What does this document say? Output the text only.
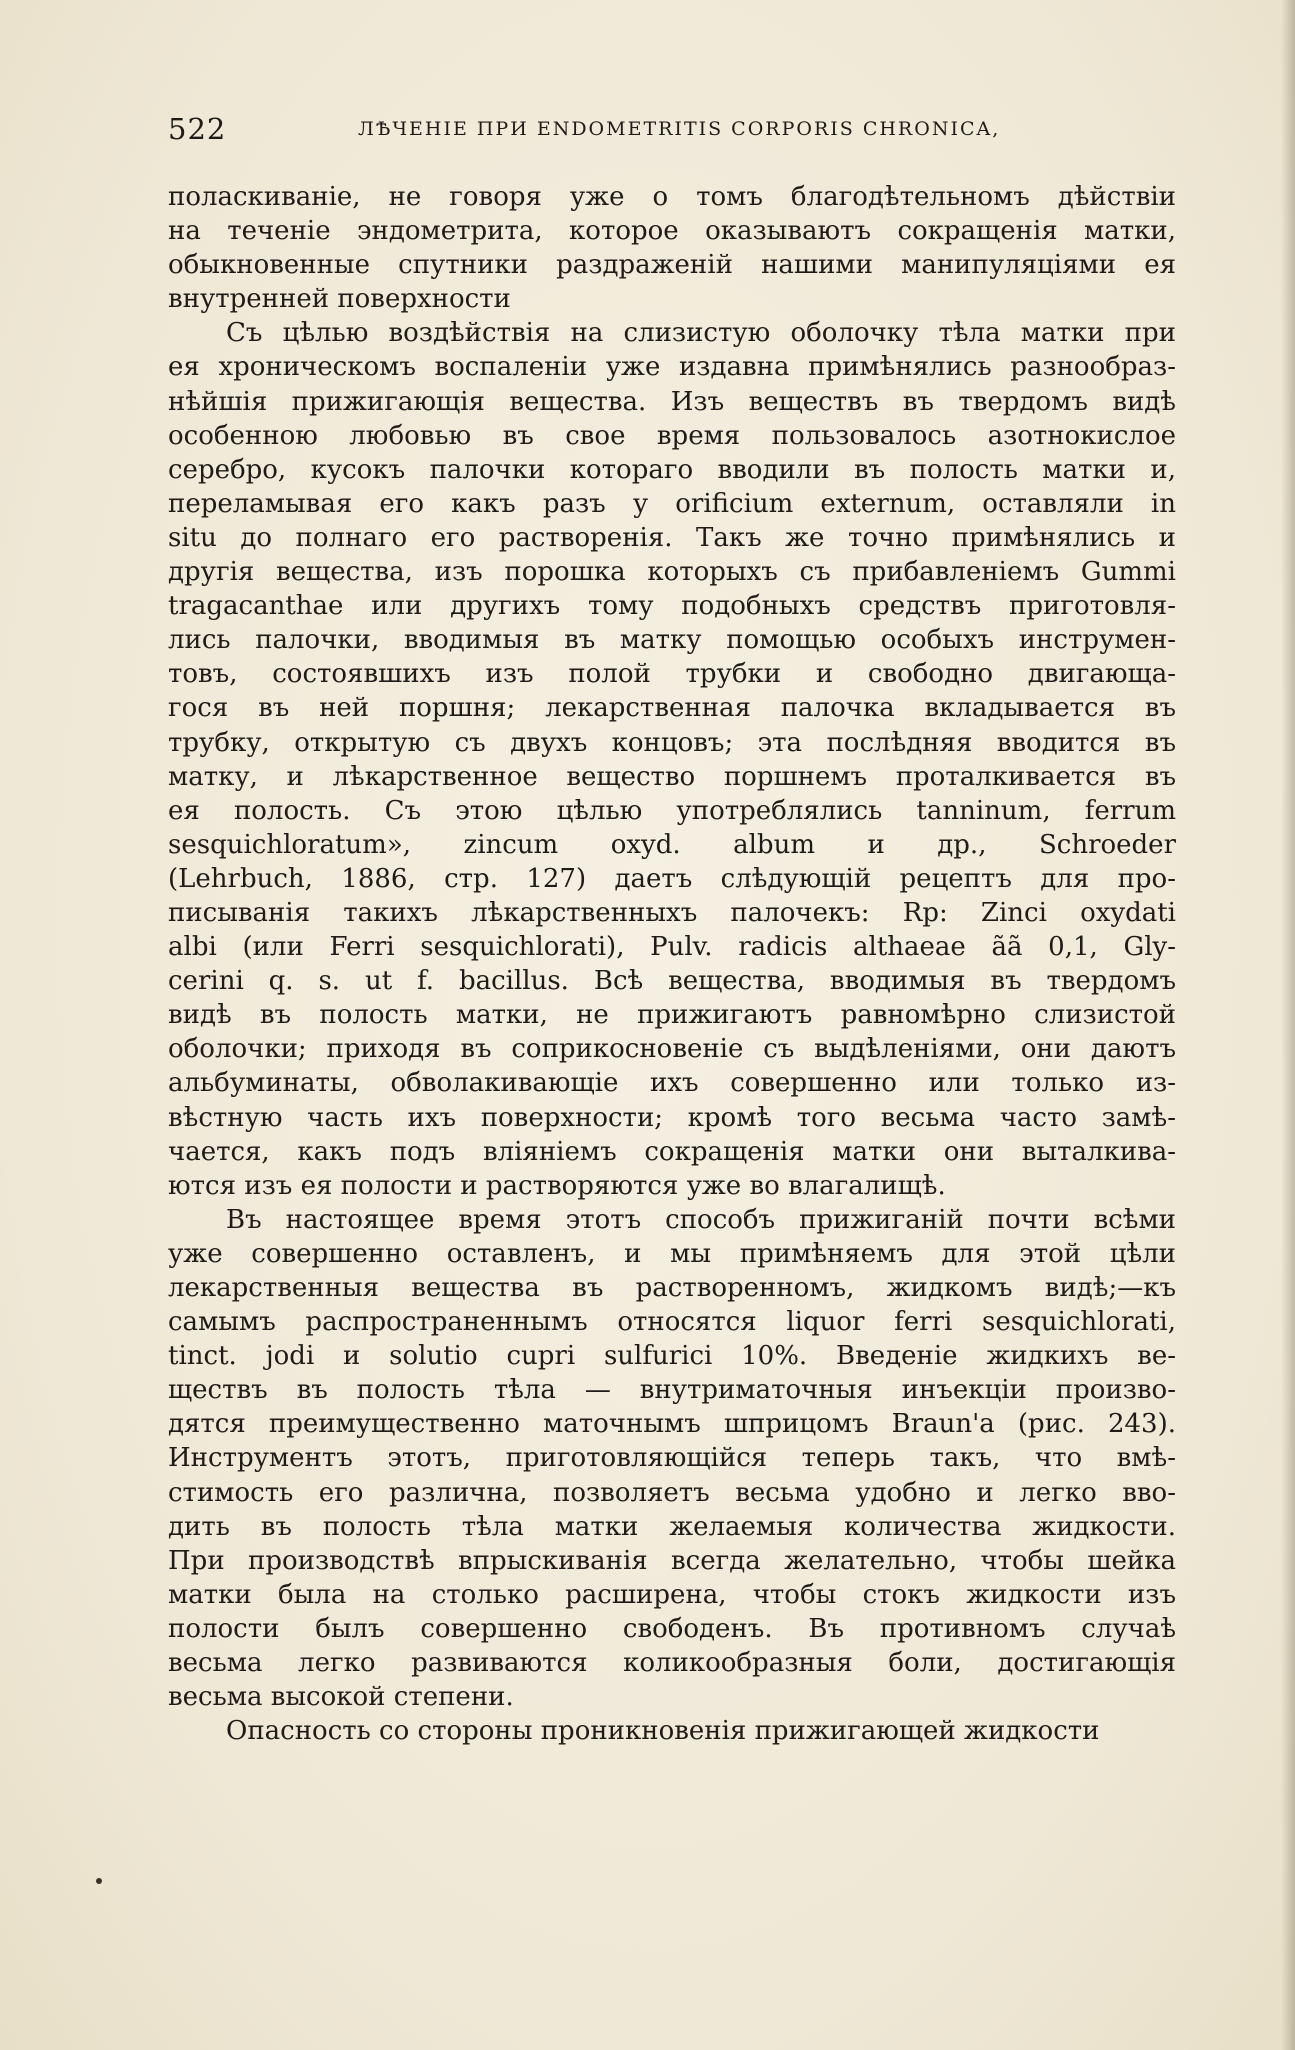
522	ЛѢЧЕНІЕ ПРИ ENDOMETRITIS CORPORIS CHRONICA,
полаcкиваніе, не говоря уже о томъ благодѣтельномъ дѣйствіи
на теченіе эндометрита, которое оказываютъ сокращенія матки,
обыкновенные спутники раздраженій нашими манипуляціями ея
внутренней поверхности
Съ цѣлью воздѣйствія на слизистую оболочку тѣла матки при
ея хроническомъ воспаленіи уже издавна примѣнялись разнообраз-
нѣйшія прижигающія вещества. Изъ веществъ въ твердомъ видѣ
особенною любовью въ свое время пользовалось азотнокислое
серебро, кусокъ палочки котораго вводили въ полость матки и,
переламывая его какъ разъ у orificium externum, оставляли in
situ до полнаго его растворенія. Такъ же точно примѣнялись и
другія вещества, изъ порошка которыхъ съ прибавленіемъ Gummi
tragacanthae или другихъ тому подобныхъ средствъ приготовля-
лись палочки, вводимыя въ матку помощью особыхъ инструмен-
товъ, состоявшихъ изъ полой трубки и свободно двигающа-
гося въ ней поршня; лекарственная палочка вкладывается въ
трубку, открытую съ двухъ концовъ; эта послѣдняя вводится въ
матку, и лѣкарственное вещество поршнемъ проталкивается въ
ея полость. Съ этою цѣлью употреблялись tanninum, ferrum
sesquichloratum», zincum oxyd. album и др., Schroeder
(Lehrbuch, 1886, стр. 127) даетъ слѣдующій рецептъ для про-
писыванія такихъ лѣкарственныхъ палочекъ: Rp: Zinci oxydati
albi (или Ferri sesquichlorati), Pulv. radicis althaeae ãã 0,1, Gly-
cerini q. s. ut f. bacillus. Всѣ вещества, вводимыя въ твердомъ
видѣ въ полость матки, не прижигаютъ равномѣрно слизистой
оболочки; приходя въ соприкосновеніе съ выдѣленіями, они даютъ
альбуминаты, обволакивающіе ихъ совершенно или только из-
вѣстную часть ихъ поверхности; кромѣ того весьма часто замѣ-
чается, какъ подъ вліяніемъ сокращенія матки они выталкива-
ются изъ ея полости и растворяются уже во влагалищѣ.
Въ настоящее время этотъ способъ прижиганій почти всѣми
уже совершенно оставленъ, и мы примѣняемъ для этой цѣли
лекарственныя вещества въ растворенномъ, жидкомъ видѣ;—къ
самымъ распространеннымъ относятся liquor ferri sesquichlorati,
tinct. jodi и solutio cupri sulfurici 10%. Введеніе жидкихъ ве-
ществъ въ полость тѣла — внутриматочныя инъекціи произво-
дятся преимущественно маточнымъ шприцомъ Braun'а (рис. 243).
Инструментъ этотъ, приготовляющійся теперь такъ, что вмѣ-
стимость его различна, позволяетъ весьма удобно и легко вво-
дить въ полость тѣла матки желаемыя количества жидкости.
При производствѣ впрыскиванія всегда желательно, чтобы шейка
матки была на столько расширена, чтобы стокъ жидкости изъ
полости былъ совершенно свободенъ. Въ противномъ случаѣ
весьма легко развиваются коликообразныя боли, достигающія
весьма высокой степени.
Опасность со стороны проникновенія прижигающей жидкости
